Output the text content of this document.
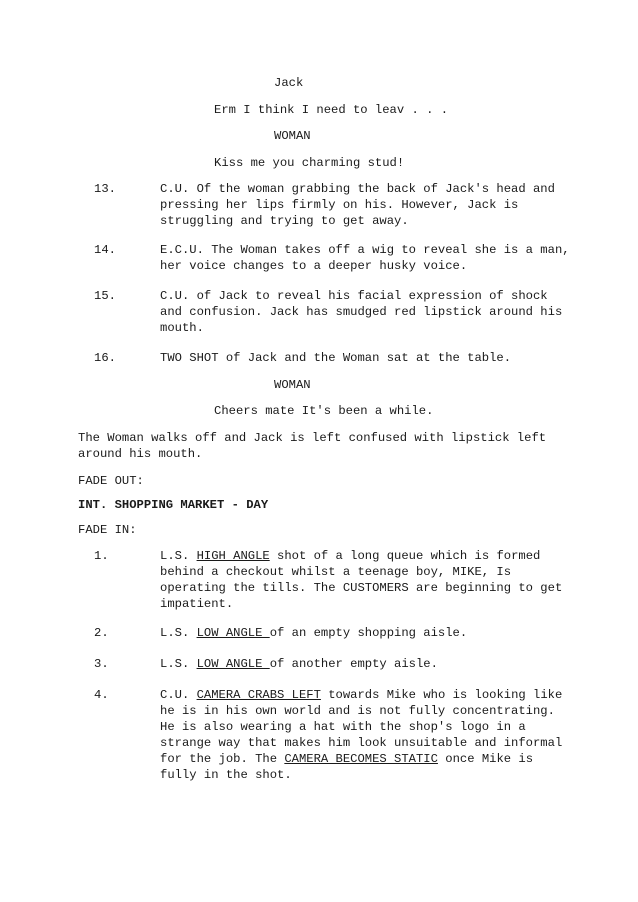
Jack
Erm I think I need to leav . . .
WOMAN
Kiss me you charming stud!
13.	C.U. Of the woman grabbing the back of Jack's head and
pressing her lips firmly on his. However, Jack is
struggling and trying to get away.
14.	E.C.U. The Woman takes off a wig to reveal she is a man,
her voice changes to a deeper husky voice.
15.	C.U. of Jack to reveal his facial expression of shock
and confusion. Jack has smudged red lipstick around his
mouth.
16.	TWO SHOT of Jack and the Woman sat at the table.
WOMAN
Cheers mate It's been a while.
The Woman walks off and Jack is left confused with lipstick left
around his mouth.
FADE OUT:
INT. SHOPPING MARKET - DAY
FADE IN:
1.	L.S. HIGH ANGLE shot of a long queue which is formed
behind a checkout whilst a teenage boy, MIKE, Is
operating the tills. The CUSTOMERS are beginning to get
impatient.
2.	L.S. LOW ANGLE of an empty shopping aisle.
3.	L.S. LOW ANGLE of another empty aisle.
4.	C.U. CAMERA CRABS LEFT towards Mike who is looking like
he is in his own world and is not fully concentrating.
He is also wearing a hat with the shop's logo in a
strange way that makes him look unsuitable and informal
for the job. The CAMERA BECOMES STATIC once Mike is
fully in the shot.
